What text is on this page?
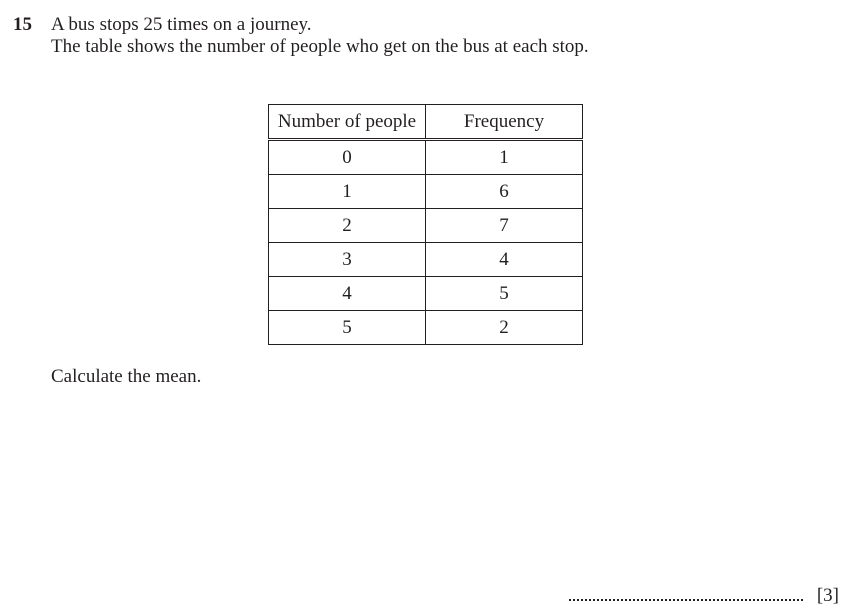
15 A bus stops 25 times on a journey.
The table shows the number of people who get on the bus at each stop.
Number of people	Frequency
0	1
1	6
2	7
3	4
4	5
5	2
Calculate the mean.
[3]
